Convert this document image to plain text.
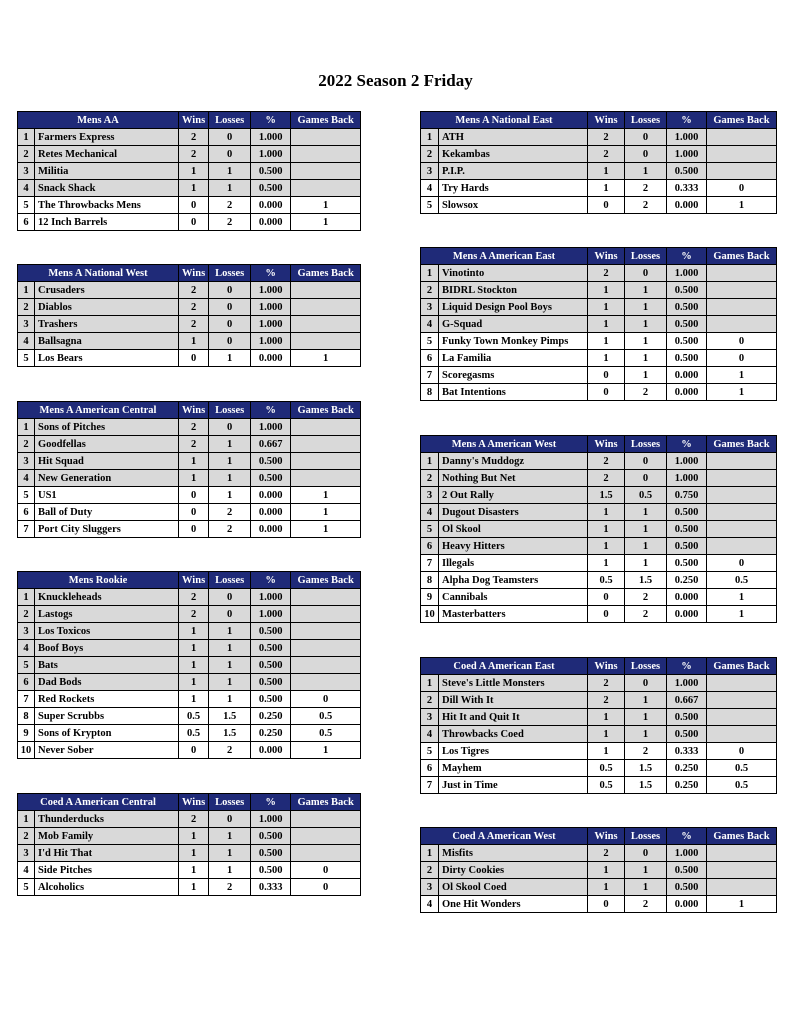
2022 Season 2 Friday
Mens AA		Wins	Losses	%	Games Back
1	Farmers Express	2	0	1.000	
2	Retes Mechanical	2	0	1.000	
3	Militia	1	1	0.500	
4	Snack Shack	1	1	0.500	
5	The Throwbacks Mens	0	2	0.000	1
6	12 Inch Barrels	0	2	0.000	1
Mens A National West		Wins	Losses	%	Games Back
1	Crusaders	2	0	1.000	
2	Diablos	2	0	1.000	
3	Trashers	2	0	1.000	
4	Ballsagna	1	0	1.000	
5	Los Bears	0	1	0.000	1
Mens A American Central		Wins	Losses	%	Games Back
1	Sons of Pitches	2	0	1.000	
2	Goodfellas	2	1	0.667	
3	Hit Squad	1	1	0.500	
4	New Generation	1	1	0.500	
5	US1	0	1	0.000	1
6	Ball of Duty	0	2	0.000	1
7	Port City Sluggers	0	2	0.000	1
Mens Rookie		Wins	Losses	%	Games Back
1	Knuckleheads	2	0	1.000	
2	Lastogs	2	0	1.000	
3	Los Toxicos	1	1	0.500	
4	Boof Boys	1	1	0.500	
5	Bats	1	1	0.500	
6	Dad Bods	1	1	0.500	
7	Red Rockets	1	1	0.500	0
8	Super Scrubbs	0.5	1.5	0.250	0.5
9	Sons of Krypton	0.5	1.5	0.250	0.5
10	Never Sober	0	2	0.000	1
Coed A American Central		Wins	Losses	%	Games Back
1	Thunderducks	2	0	1.000	
2	Mob Family	1	1	0.500	
3	I'd Hit That	1	1	0.500	
4	Side Pitches	1	1	0.500	0
5	Alcoholics	1	2	0.333	0
Mens A National East		Wins	Losses	%	Games Back
1	ATH	2	0	1.000	
2	Kekambas	2	0	1.000	
3	P.I.P.	1	1	0.500	
4	Try Hards	1	2	0.333	0
5	Slowsox	0	2	0.000	1
Mens A American East		Wins	Losses	%	Games Back
1	Vinotinto	2	0	1.000	
2	BIDRL Stockton	1	1	0.500	
3	Liquid Design Pool Boys	1	1	0.500	
4	G-Squad	1	1	0.500	
5	Funky Town Monkey Pimps	1	1	0.500	0
6	La Familia	1	1	0.500	0
7	Scoregasms	0	1	0.000	1
8	Bat Intentions	0	2	0.000	1
Mens A American West		Wins	Losses	%	Games Back
1	Danny's Muddogz	2	0	1.000	
2	Nothing But Net	2	0	1.000	
3	2 Out Rally	1.5	0.5	0.750	
4	Dugout Disasters	1	1	0.500	
5	Ol Skool	1	1	0.500	
6	Heavy Hitters	1	1	0.500	
7	Illegals	1	1	0.500	0
8	Alpha Dog Teamsters	0.5	1.5	0.250	0.5
9	Cannibals	0	2	0.000	1
10	Masterbatters	0	2	0.000	1
Coed A American East		Wins	Losses	%	Games Back
1	Steve's Little Monsters	2	0	1.000	
2	Dill With It	2	1	0.667	
3	Hit It and Quit It	1	1	0.500	
4	Throwbacks Coed	1	1	0.500	
5	Los Tigres	1	2	0.333	0
6	Mayhem	0.5	1.5	0.250	0.5
7	Just in Time	0.5	1.5	0.250	0.5
Coed A American West		Wins	Losses	%	Games Back
1	Misfits	2	0	1.000	
2	Dirty Cookies	1	1	0.500	
3	Ol Skool Coed	1	1	0.500	
4	One Hit Wonders	0	2	0.000	1
